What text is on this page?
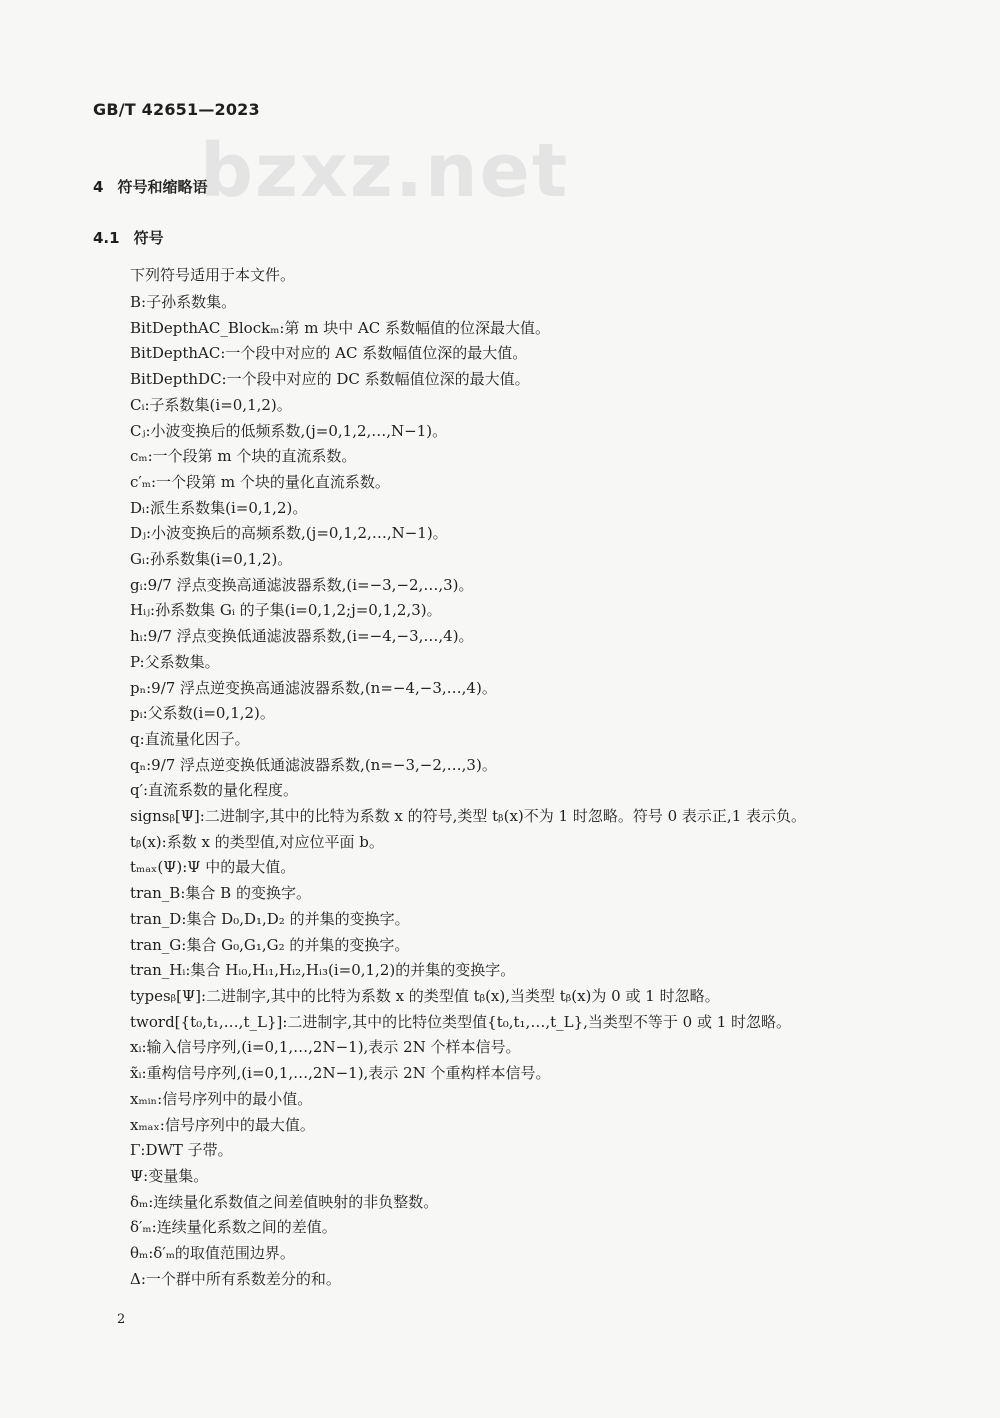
GB/T 42651—2023
bzxz.net
4 符号和缩略语
4.1 符号
下列符号适用于本文件。
B:子孙系数集。
BitDepthAC_Blockₘ:第 m 块中 AC 系数幅值的位深最大值。
BitDepthAC:一个段中对应的 AC 系数幅值位深的最大值。
BitDepthDC:一个段中对应的 DC 系数幅值位深的最大值。
Cᵢ:子系数集(i=0,1,2)。
Cⱼ:小波变换后的低频系数,(j=0,1,2,…,N−1)。
cₘ:一个段第 m 个块的直流系数。
c′ₘ:一个段第 m 个块的量化直流系数。
Dᵢ:派生系数集(i=0,1,2)。
Dⱼ:小波变换后的高频系数,(j=0,1,2,…,N−1)。
Gᵢ:孙系数集(i=0,1,2)。
gᵢ:9/7 浮点变换高通滤波器系数,(i=−3,−2,…,3)。
Hᵢⱼ:孙系数集 Gᵢ 的子集(i=0,1,2;j=0,1,2,3)。
hᵢ:9/7 浮点变换低通滤波器系数,(i=−4,−3,…,4)。
P:父系数集。
pₙ:9/7 浮点逆变换高通滤波器系数,(n=−4,−3,…,4)。
pᵢ:父系数(i=0,1,2)。
q:直流量化因子。
qₙ:9/7 浮点逆变换低通滤波器系数,(n=−3,−2,…,3)。
q′:直流系数的量化程度。
signsᵦ[Ψ]:二进制字,其中的比特为系数 x 的符号,类型 tᵦ(x)不为 1 时忽略。符号 0 表示正,1 表示负。
tᵦ(x):系数 x 的类型值,对应位平面 b。
tₘₐₓ(Ψ):Ψ 中的最大值。
tran_B:集合 B 的变换字。
tran_D:集合 D₀,D₁,D₂ 的并集的变换字。
tran_G:集合 G₀,G₁,G₂ 的并集的变换字。
tran_Hᵢ:集合 Hᵢ₀,Hᵢ₁,Hᵢ₂,Hᵢ₃(i=0,1,2)的并集的变换字。
typesᵦ[Ψ]:二进制字,其中的比特为系数 x 的类型值 tᵦ(x),当类型 tᵦ(x)为 0 或 1 时忽略。
tword[{t₀,t₁,…,t_L}]:二进制字,其中的比特位类型值{t₀,t₁,…,t_L},当类型不等于 0 或 1 时忽略。
xᵢ:输入信号序列,(i=0,1,…,2N−1),表示 2N 个样本信号。
x̃ᵢ:重构信号序列,(i=0,1,…,2N−1),表示 2N 个重构样本信号。
xₘᵢₙ:信号序列中的最小值。
xₘₐₓ:信号序列中的最大值。
Γ:DWT 子带。
Ψ:变量集。
δₘ:连续量化系数值之间差值映射的非负整数。
δ′ₘ:连续量化系数之间的差值。
θₘ:δ′ₘ的取值范围边界。
Δ:一个群中所有系数差分的和。
2
